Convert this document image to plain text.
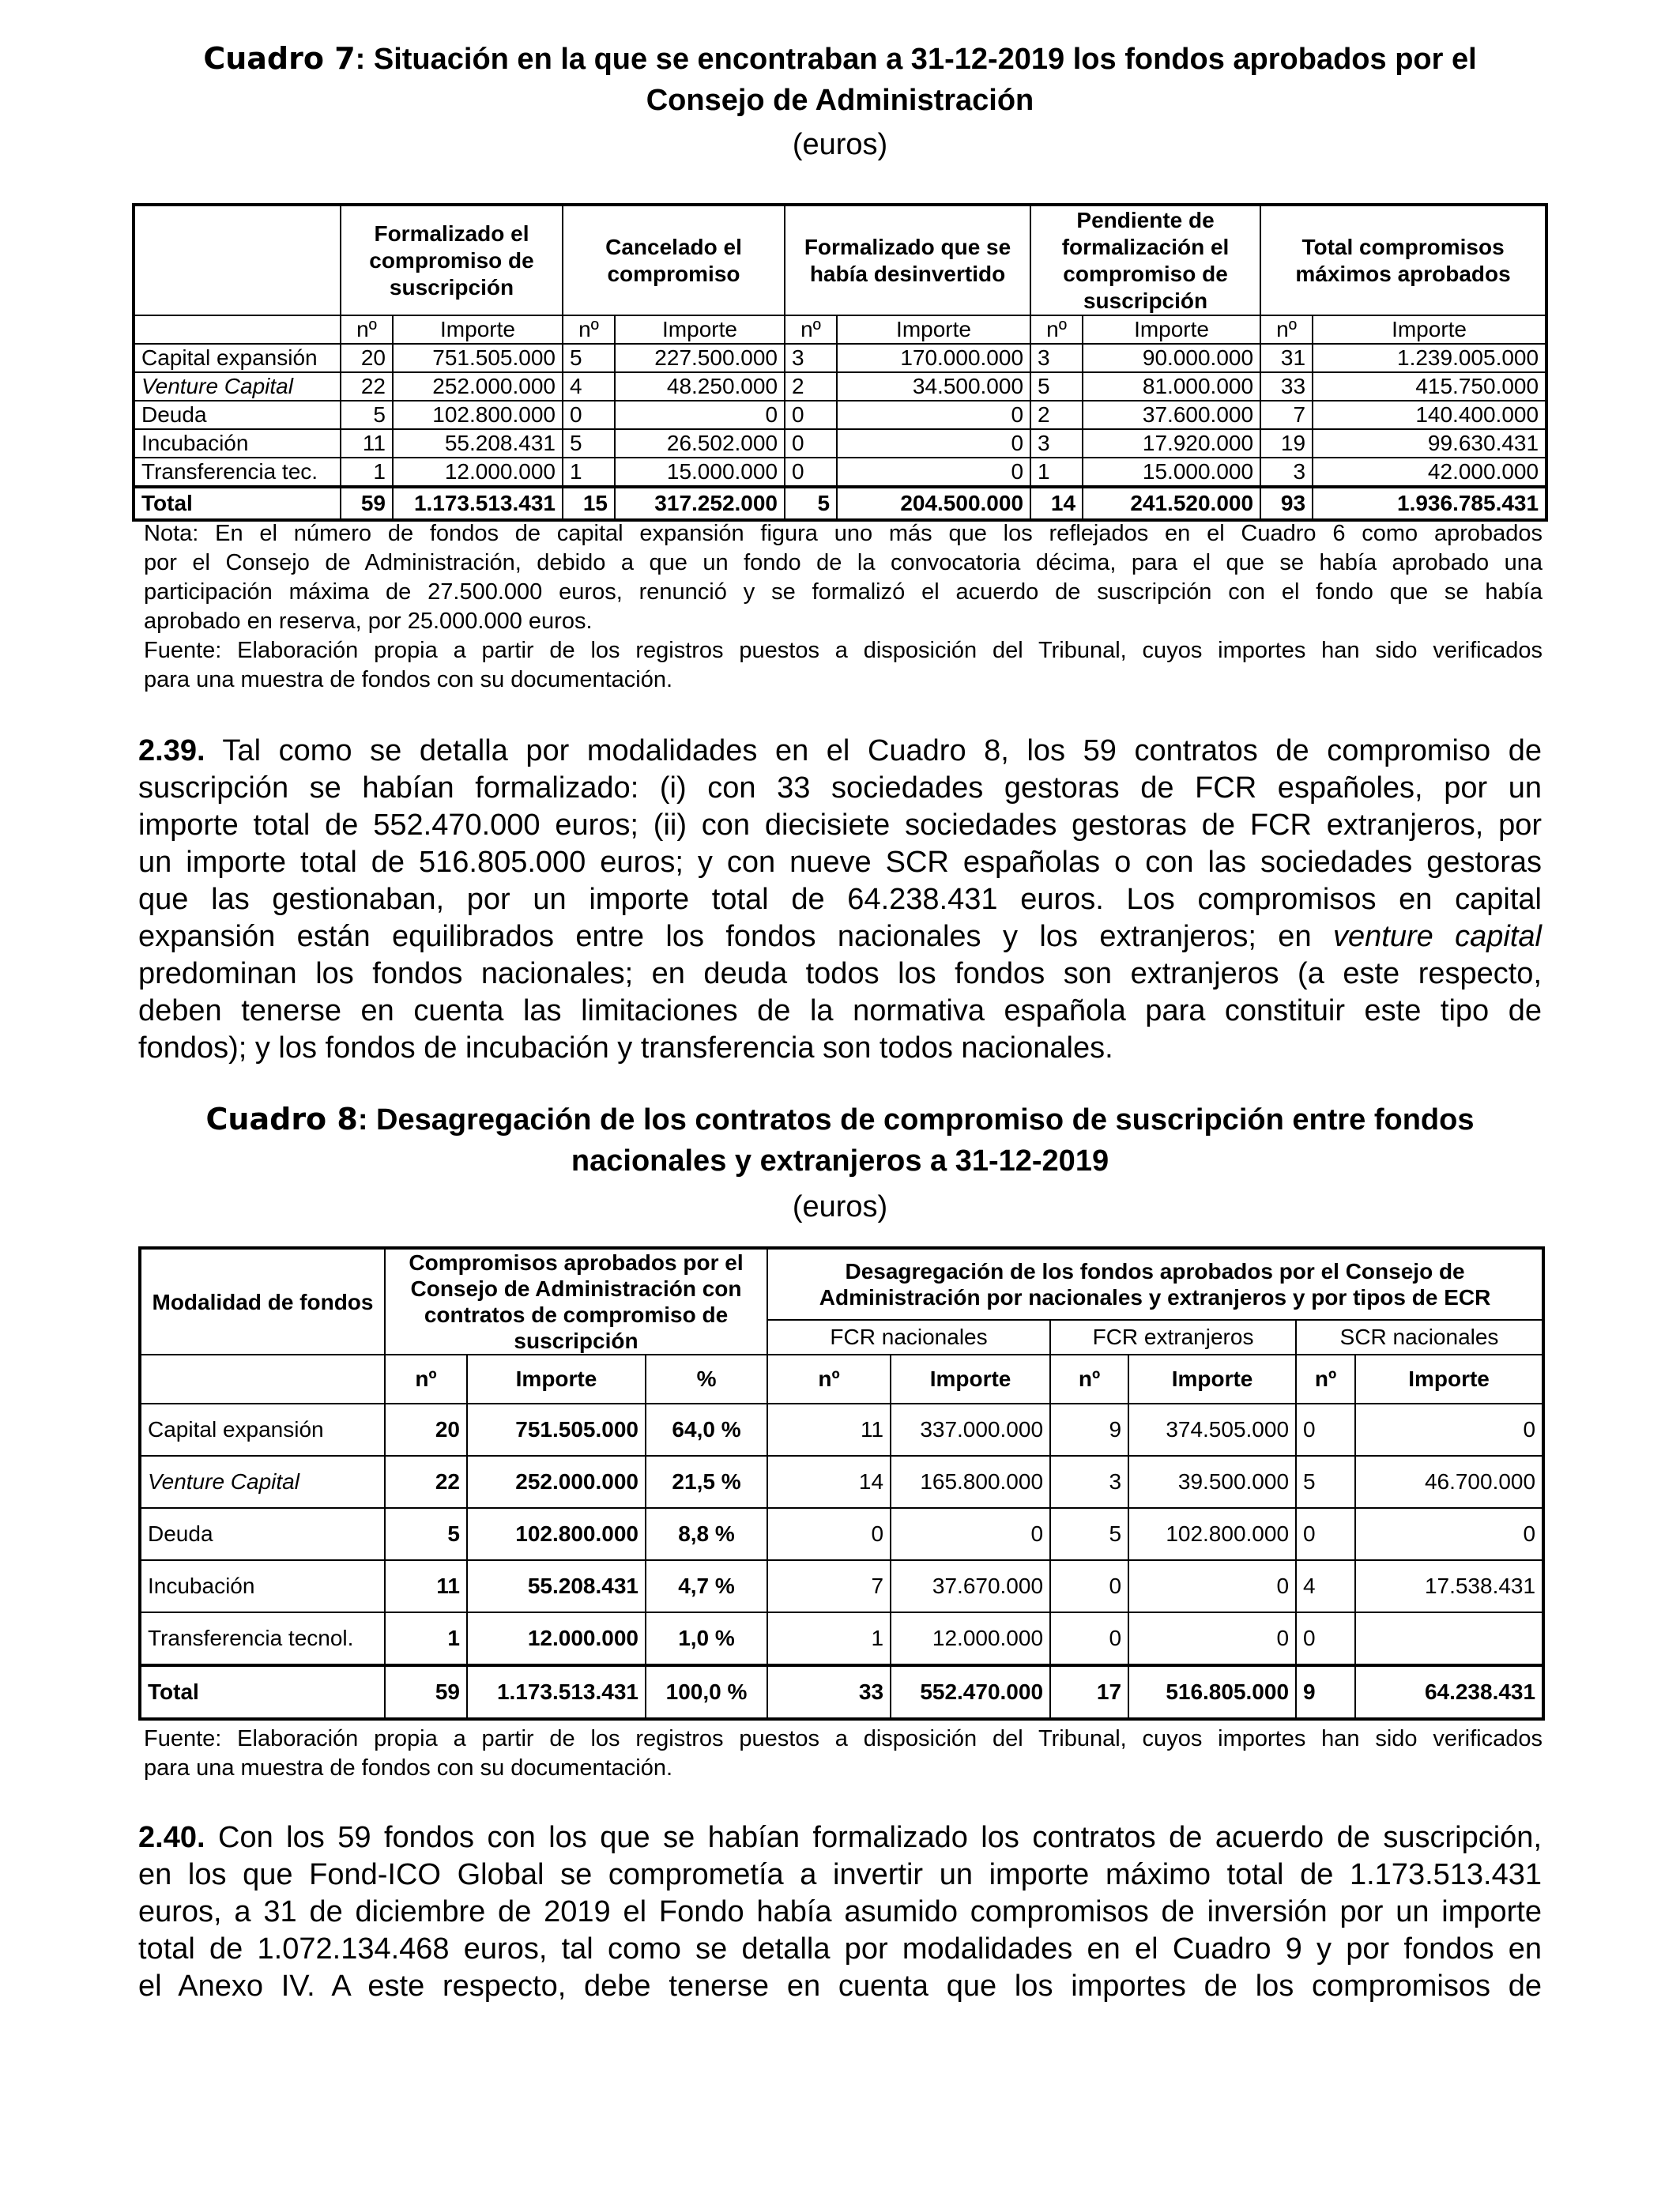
Cuadro 7: Situación en la que se encontraban a 31-12-2019 los fondos aprobados por el
Consejo de Administración
(euros)
	Formalizado el compromiso de suscripción		Cancelado el compromiso		Formalizado que se había desinvertido		Pendiente de formalización el compromiso de suscripción		Total compromisos máximos aprobados	
	nº	Importe	nº	Importe	nº	Importe	nº	Importe	nº	Importe
Capital expansión	20	751.505.000	5	227.500.000	3	170.000.000	3	90.000.000	31	1.239.005.000
Venture Capital	22	252.000.000	4	48.250.000	2	34.500.000	5	81.000.000	33	415.750.000
Deuda	5	102.800.000	0	0	0	0	2	37.600.000	7	140.400.000
Incubación	11	55.208.431	5	26.502.000	0	0	3	17.920.000	19	99.630.431
Transferencia tec.	1	12.000.000	1	15.000.000	0	0	1	15.000.000	3	42.000.000
Total	59	1.173.513.431	15	317.252.000	5	204.500.000	14	241.520.000	93	1.936.785.431
Nota: En el número de fondos de capital expansión figura uno más que los reflejados en el Cuadro 6 como aprobados
por el Consejo de Administración, debido a que un fondo de la convocatoria décima, para el que se había aprobado una
participación máxima de 27.500.000 euros, renunció y se formalizó el acuerdo de suscripción con el fondo que se había
aprobado en reserva, por 25.000.000 euros.
Fuente: Elaboración propia a partir de los registros puestos a disposición del Tribunal, cuyos importes han sido verificados
para una muestra de fondos con su documentación.
2.39. Tal como se detalla por modalidades en el Cuadro 8, los 59 contratos de compromiso de
suscripción se habían formalizado: (i) con 33 sociedades gestoras de FCR españoles, por un
importe total de 552.470.000 euros; (ii) con diecisiete sociedades gestoras de FCR extranjeros, por
un importe total de 516.805.000 euros; y con nueve SCR españolas o con las sociedades gestoras
que las gestionaban, por un importe total de 64.238.431 euros. Los compromisos en capital
expansión están equilibrados entre los fondos nacionales y los extranjeros; en venture capital
predominan los fondos nacionales; en deuda todos los fondos son extranjeros (a este respecto,
deben tenerse en cuenta las limitaciones de la normativa española para constituir este tipo de
fondos); y los fondos de incubación y transferencia son todos nacionales.
Cuadro 8: Desagregación de los contratos de compromiso de suscripción entre fondos
nacionales y extranjeros a 31-12-2019
(euros)
Modalidad de fondos	Compromisos aprobados por el Consejo de Administración con contratos de compromiso de suscripción			Desagregación de los fondos aprobados por el Consejo de Administración por nacionales y extranjeros y por tipos de ECR					
				FCR nacionales		FCR extranjeros		SCR nacionales	
	nº	Importe	%	nº	Importe	nº	Importe	nº	Importe
Capital expansión	20	751.505.000	64,0 %	11	337.000.000	9	374.505.000	0	0
Venture Capital	22	252.000.000	21,5 %	14	165.800.000	3	39.500.000	5	46.700.000
Deuda	5	102.800.000	8,8 %	0	0	5	102.800.000	0	0
Incubación	11	55.208.431	4,7 %	7	37.670.000	0	0	4	17.538.431
Transferencia tecnol.	1	12.000.000	1,0 %	1	12.000.000	0	0	0	
Total	59	1.173.513.431	100,0 %	33	552.470.000	17	516.805.000	9	64.238.431
Fuente: Elaboración propia a partir de los registros puestos a disposición del Tribunal, cuyos importes han sido verificados
para una muestra de fondos con su documentación.
2.40. Con los 59 fondos con los que se habían formalizado los contratos de acuerdo de suscripción,
en los que Fond-ICO Global se comprometía a invertir un importe máximo total de 1.173.513.431
euros, a 31 de diciembre de 2019 el Fondo había asumido compromisos de inversión por un importe
total de 1.072.134.468 euros, tal como se detalla por modalidades en el Cuadro 9 y por fondos en
el Anexo IV. A este respecto, debe tenerse en cuenta que los importes de los compromisos de
